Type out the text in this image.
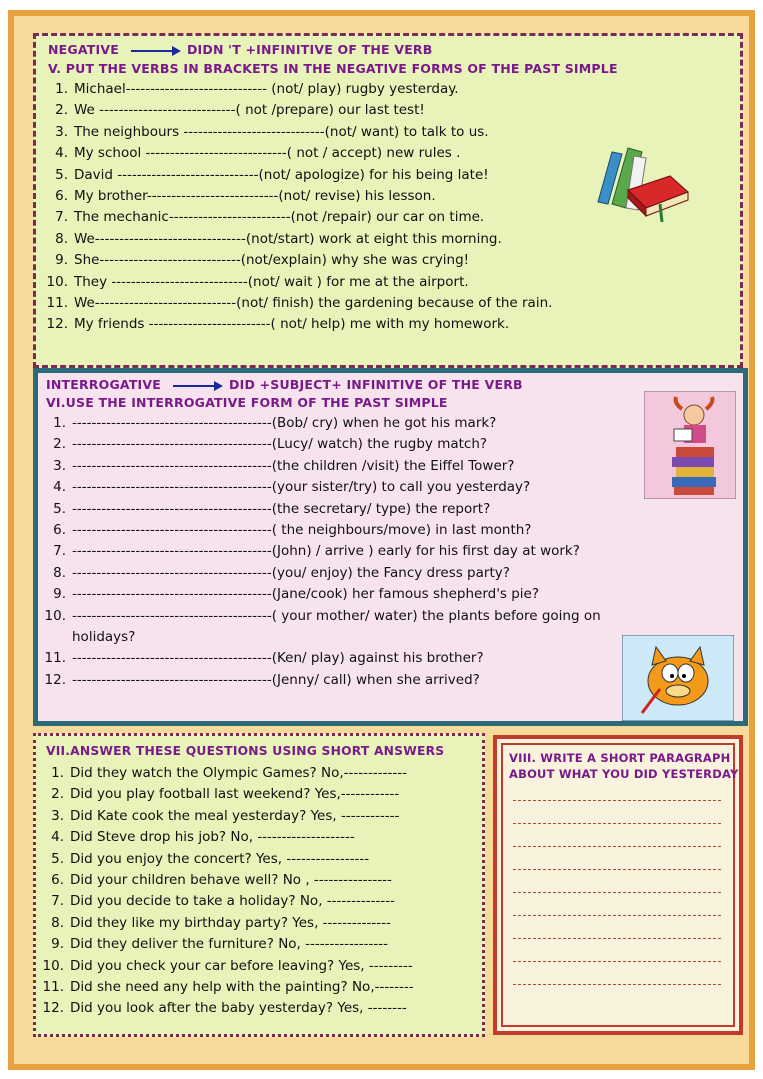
NEGATIVE	DIDN 'T +INFINITIVE OF THE VERB
V. PUT THE VERBS IN BRACKETS IN THE NEGATIVE FORMS OF THE PAST SIMPLE
1. Michael----------------------------- (not/ play) rugby yesterday.
2. We ----------------------------( not /prepare) our last test!
3. The neighbours -----------------------------(not/ want) to talk to us.
4. My school -----------------------------( not / accept) new rules .
5. David -----------------------------(not/ apologize) for his being late!
6. My brother---------------------------(not/ revise) his lesson.
7. The mechanic-------------------------(not /repair) our car on time.
8. We-------------------------------(not/start) work at eight this morning.
9. She-----------------------------(not/explain) why she was crying!
10. They ----------------------------(not/ wait ) for me at the airport.
11. We-----------------------------(not/ finish) the gardening because of the rain.
12. My friends -------------------------( not/ help) me with my homework.
INTERROGATIVE	DID +SUBJECT+ INFINITIVE OF THE VERB
VI.USE THE INTERROGATIVE FORM OF THE PAST SIMPLE
1. -----------------------------------------(Bob/ cry) when he got his mark?
2. -----------------------------------------(Lucy/ watch) the rugby match?
3. -----------------------------------------(the children /visit) the Eiffel Tower?
4. -----------------------------------------(your sister/try) to call you yesterday?
5. -----------------------------------------(the secretary/ type) the report?
6. -----------------------------------------( the neighbours/move) in last month?
7. -----------------------------------------(John) / arrive ) early for his first day at work?
8. -----------------------------------------(you/ enjoy) the Fancy dress party?
9. -----------------------------------------(Jane/cook) her famous shepherd's pie?
10. -----------------------------------------( your mother/ water) the plants before going on
holidays?
11. -----------------------------------------(Ken/ play) against his brother?
12. -----------------------------------------(Jenny/ call) when she arrived?
VII.ANSWER THESE QUESTIONS USING SHORT ANSWERS
1. Did they watch the Olympic Games? No,-------------
2. Did you play football last weekend? Yes,------------
3. Did Kate cook the meal yesterday? Yes, ------------
4. Did Steve drop his job? No, --------------------
5. Did you enjoy the concert? Yes, -----------------
6. Did your children behave well? No , ----------------
7. Did you decide to take a holiday? No, --------------
8. Did they like my birthday party? Yes, --------------
9. Did they deliver the furniture? No, -----------------
10. Did you check your car before leaving? Yes, ---------
11. Did she need any help with the painting? No,--------
12. Did you look after the baby yesterday? Yes, --------
VIII. WRITE A SHORT PARAGRAPH
ABOUT WHAT YOU DID YESTERDAY
